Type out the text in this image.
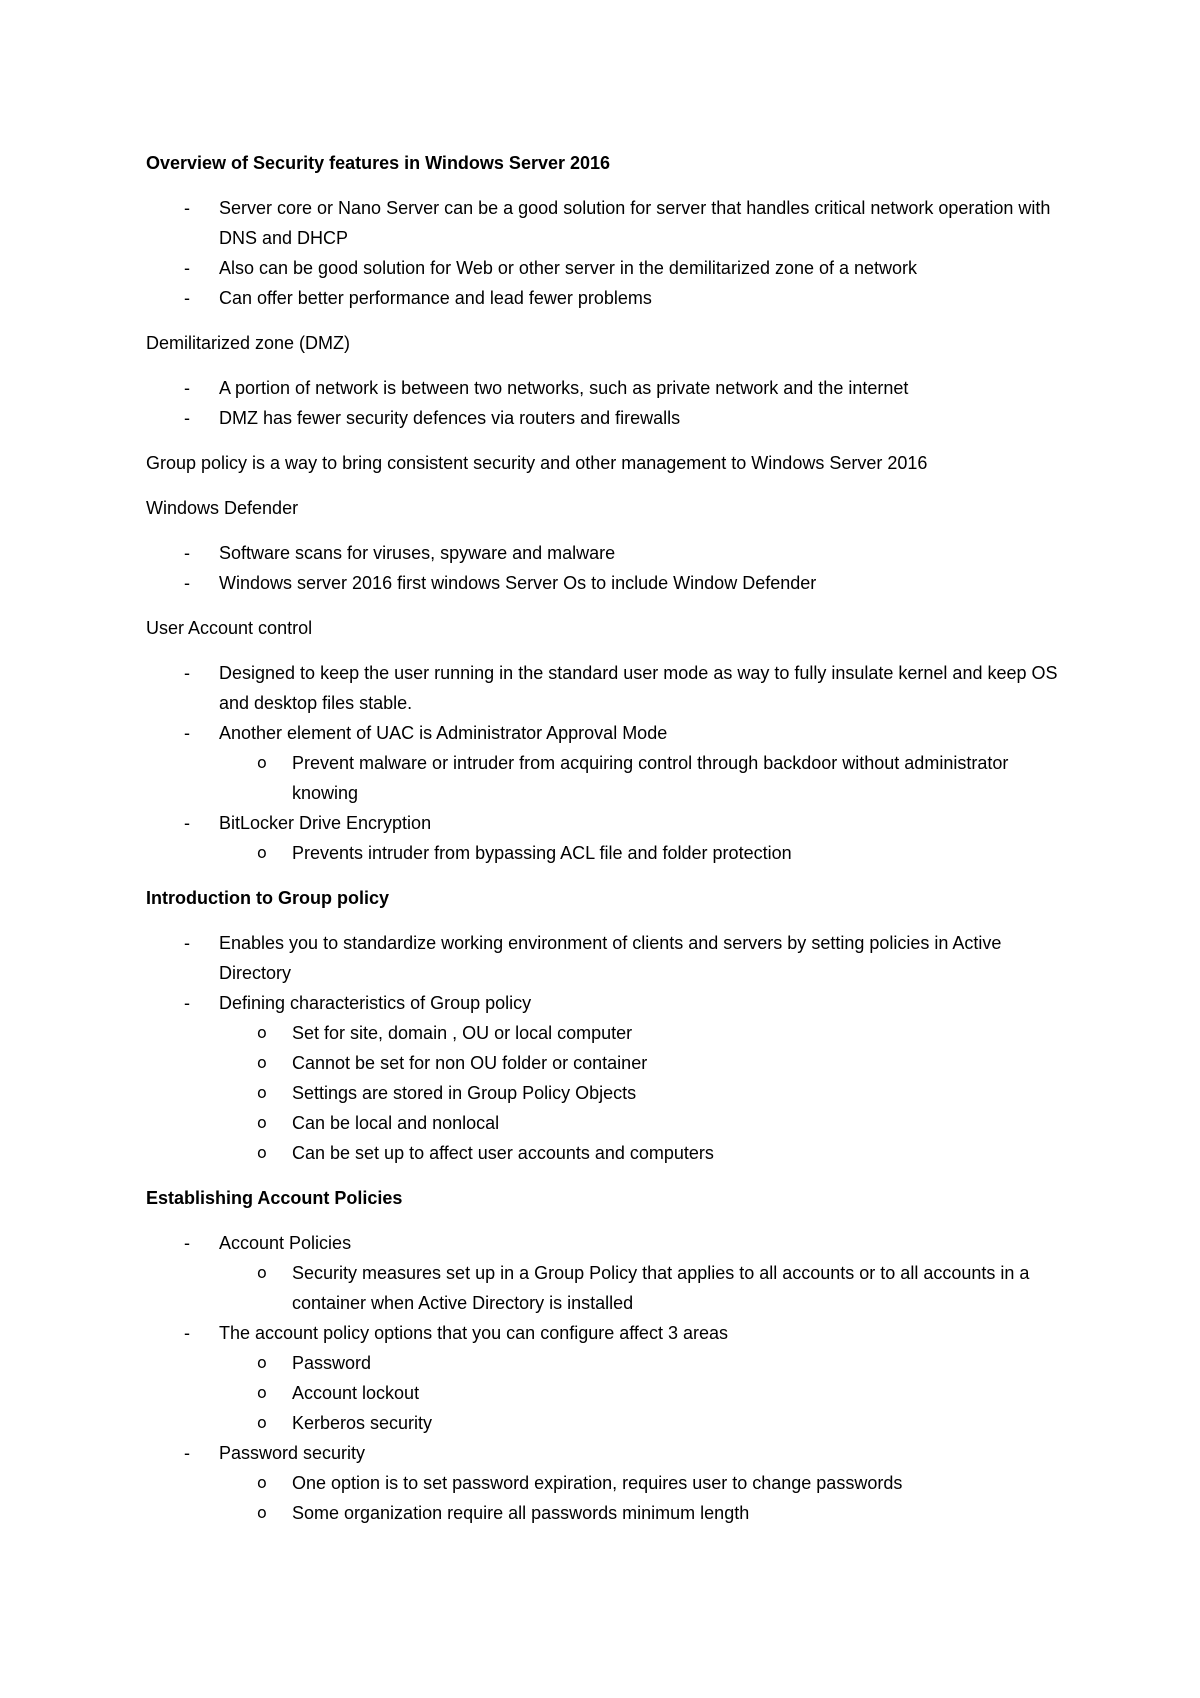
Overview of Security features in Windows Server 2016

- Server core or Nano Server can be a good solution for server that handles critical network operation with DNS and DHCP
- Also can be good solution for Web or other server in the demilitarized zone of a network
- Can offer better performance and lead fewer problems

Demilitarized zone (DMZ)

- A portion of network is between two networks, such as private network and the internet
- DMZ has fewer security defences via routers and firewalls

Group policy is a way to bring consistent security and other management to Windows Server 2016

Windows Defender

- Software scans for viruses, spyware and malware
- Windows server 2016 first windows Server Os to include Window Defender

User Account control

- Designed to keep the user running in the standard user mode as way to fully insulate kernel and keep OS and desktop files stable.
- Another element of UAC is Administrator Approval Mode
o Prevent malware or intruder from acquiring control through backdoor without administrator knowing
- BitLocker Drive Encryption
o Prevents intruder from bypassing ACL file and folder protection

Introduction to Group policy

- Enables you to standardize working environment of clients and servers by setting policies in Active Directory
- Defining characteristics of Group policy
o Set for site, domain , OU or local computer
o Cannot be set for non OU folder or container
o Settings are stored in Group Policy Objects
o Can be local and nonlocal
o Can be set up to affect user accounts and computers

Establishing Account Policies

- Account Policies
o Security measures set up in a Group Policy that applies to all accounts or to all accounts in a container when Active Directory is installed
- The account policy options that you can configure affect 3 areas
o Password
o Account lockout
o Kerberos security
- Password security
o One option is to set password expiration, requires user to change passwords
o Some organization require all passwords minimum length
